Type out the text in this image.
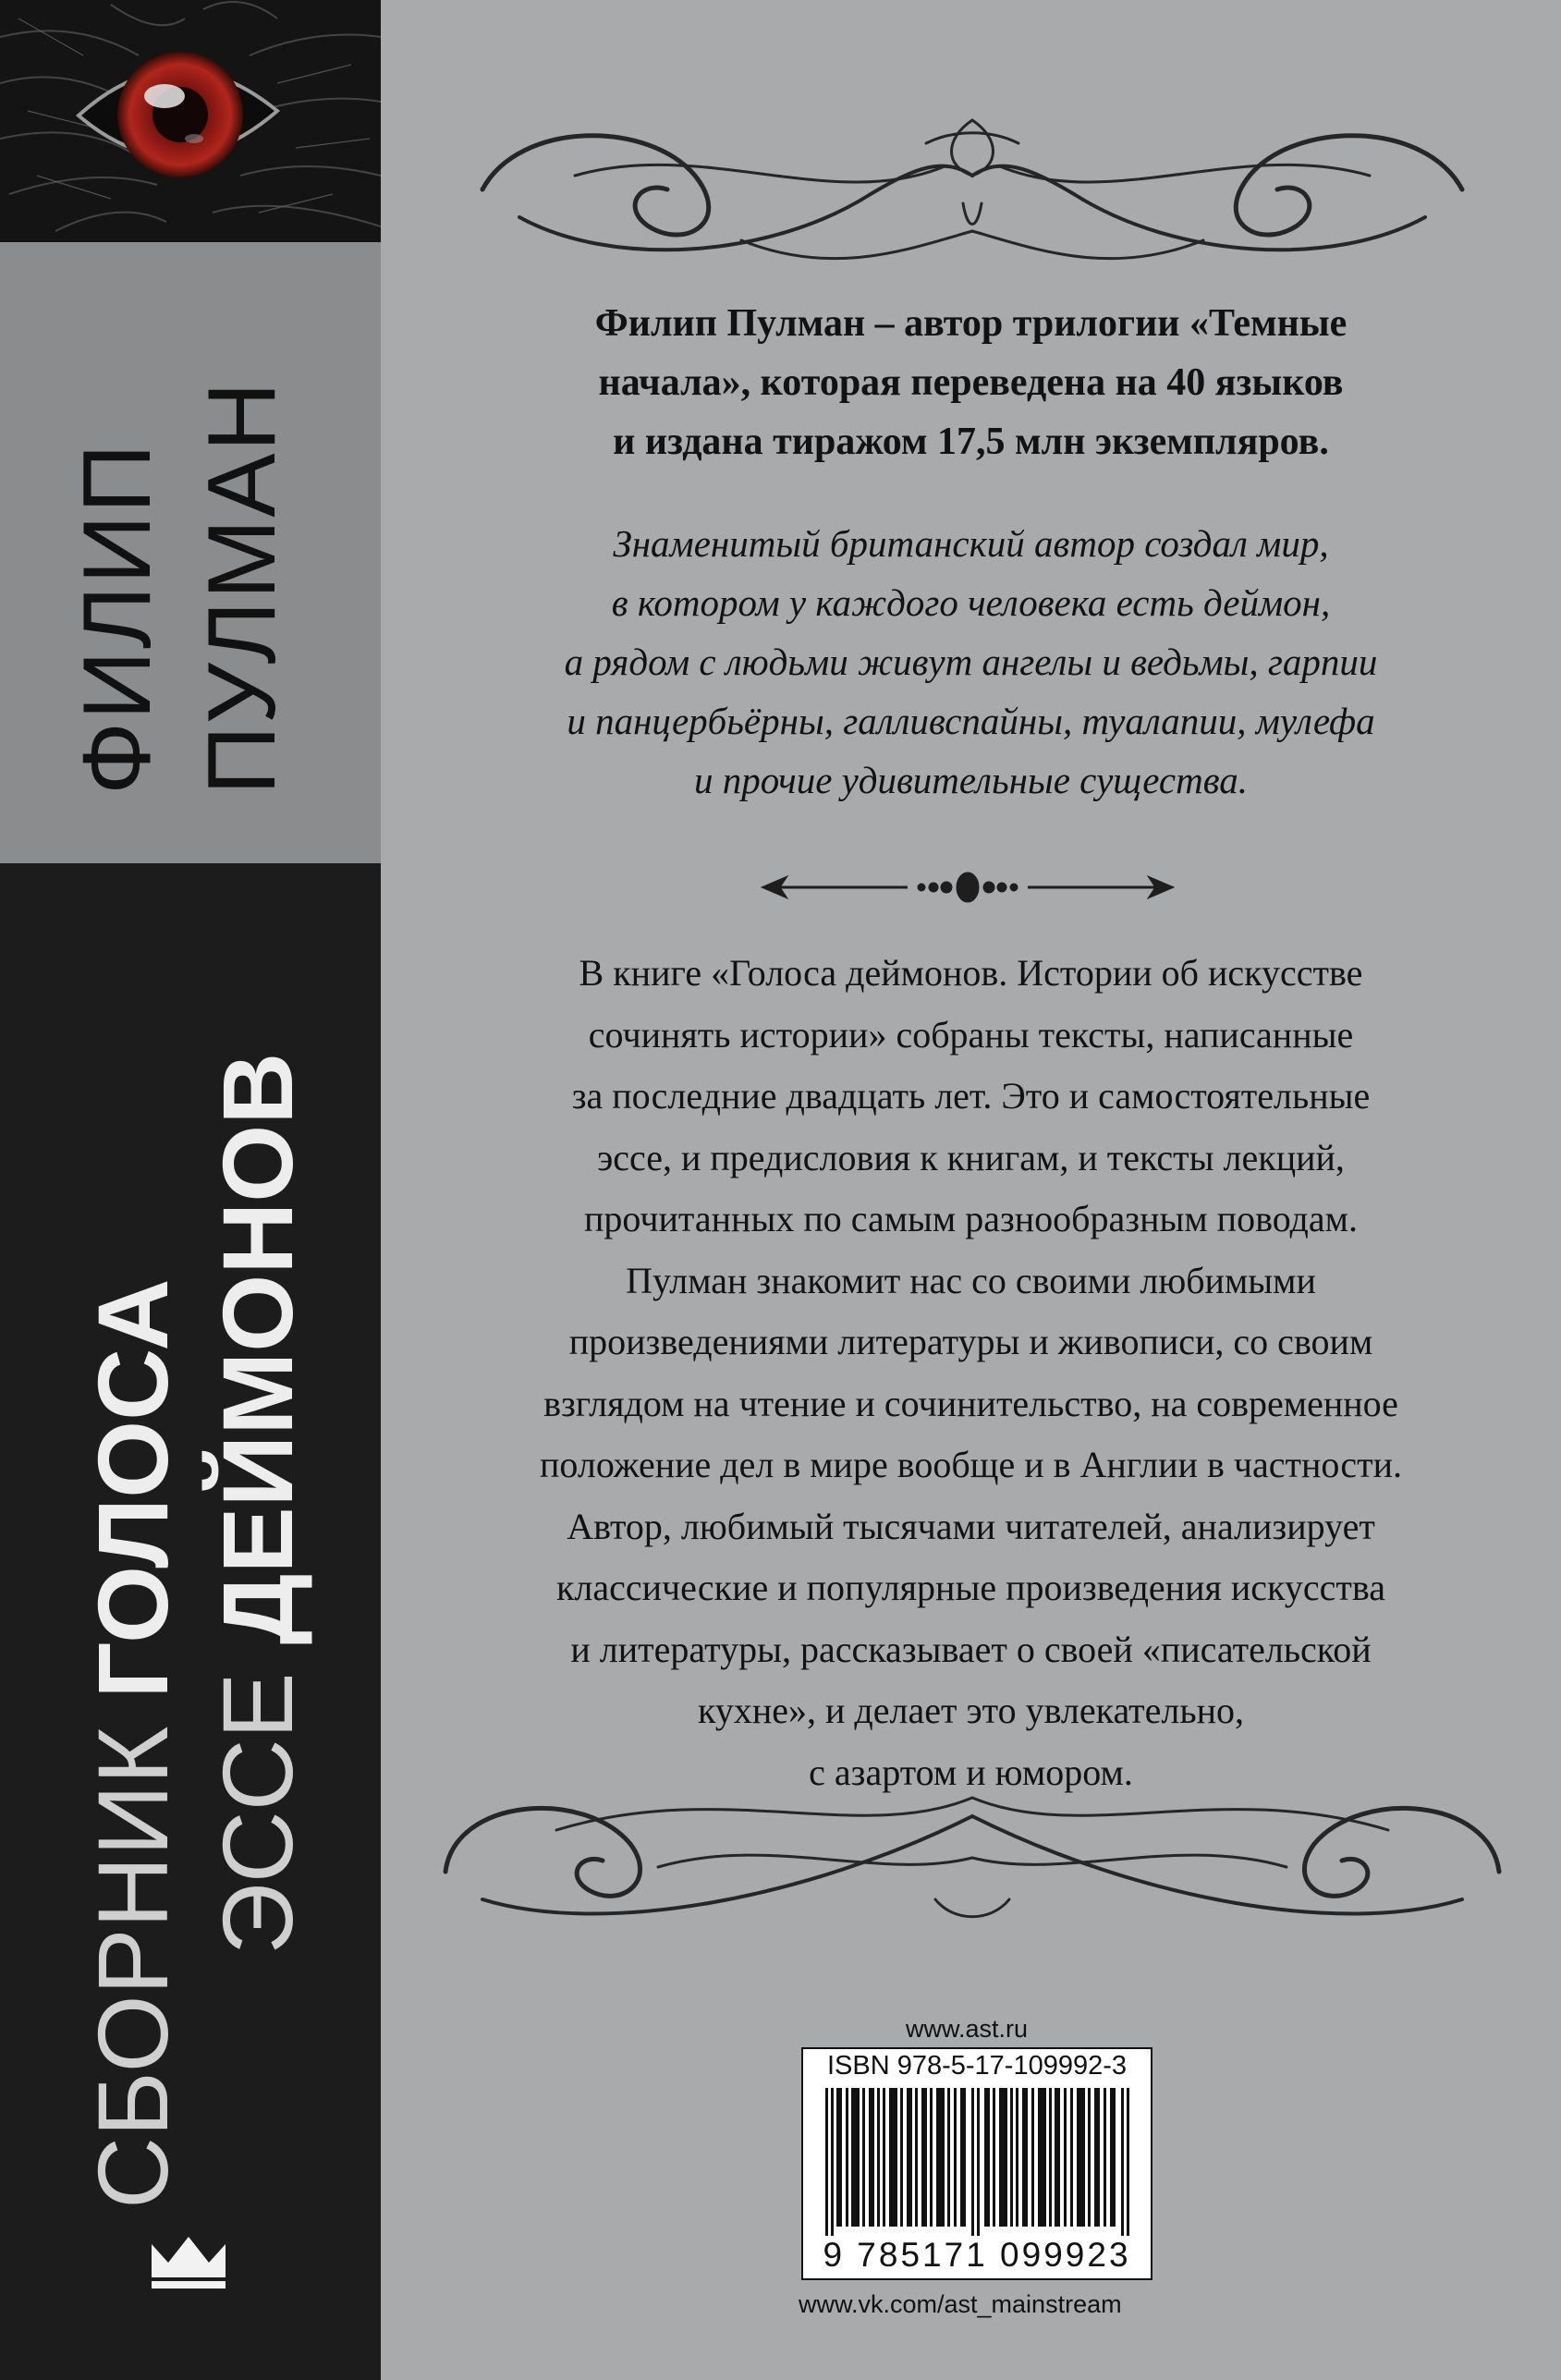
ФИЛИП ПУЛМАН
СБОРНИК ГОЛОСА
ЭССЕ ДЕЙМОНОВ
Филип Пулман – автор трилогии «Темные
начала», которая переведена на 40 языков
и издана тиражом 17,5 млн экземпляров.
Знаменитый британский автор создал мир,
в котором у каждого человека есть деймон,
а рядом с людьми живут ангелы и ведьмы, гарпии
и панцербьёрны, галливспайны, туалапии, мулефа
и прочие удивительные существа.
В книге «Голоса деймонов. Истории об искусстве
сочинять истории» собраны тексты, написанные
за последние двадцать лет. Это и самостоятельные
эссе, и предисловия к книгам, и тексты лекций,
прочитанных по самым разнообразным поводам.
Пулман знакомит нас со своими любимыми
произведениями литературы и живописи, со своим
взглядом на чтение и сочинительство, на современное
положение дел в мире вообще и в Англии в частности.
Автор, любимый тысячами читателей, анализирует
классические и популярные произведения искусства
и литературы, рассказывает о своей «писательской
кухне», и делает это увлекательно,
с азартом и юмором.
www.ast.ru
ISBN 978-5-17-109992-3
9 785171 099923
www.vk.com/ast_mainstream
